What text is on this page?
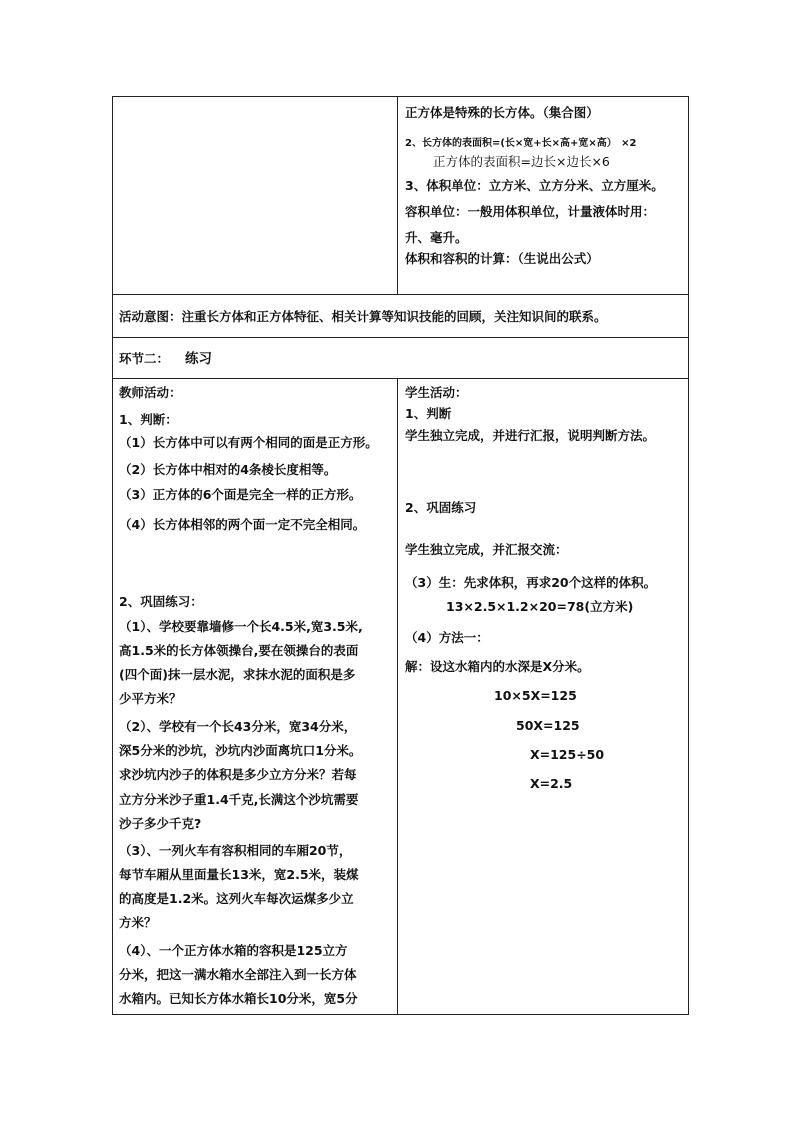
正方体是特殊的长方体。（集合图）
2、长方体的表面积=(长×宽+长×高+宽×高） ×2
正方体的表面积=边长×边长×6
3、体积单位：立方米、立方分米、立方厘米。
容积单位：一般用体积单位，计量液体时用：
升、毫升。
体积和容积的计算：（生说出公式）
活动意图：注重长方体和正方体特征、相关计算等知识技能的回顾，关注知识间的联系。
环节二： 练习
教师活动：
1、判断：
（1）长方体中可以有两个相同的面是正方形。
（2）长方体中相对的4条棱长度相等。
（3）正方体的6个面是完全一样的正方形。
（4）长方体相邻的两个面一定不完全相同。
2、巩固练习：
（1）、学校要靠墙修一个长4.5米,宽3.5米,
高1.5米的长方体领操台,要在领操台的表面
(四个面)抹一层水泥，求抹水泥的面积是多
少平方米？
（2）、学校有一个长43分米，宽34分米，
深5分米的沙坑，沙坑内沙面离坑口1分米。
求沙坑内沙子的体积是多少立方分米？若每
立方分米沙子重1.4千克,长满这个沙坑需要
沙子多少千克?
（3）、一列火车有容积相同的车厢20节，
每节车厢从里面量长13米，宽2.5米，装煤
的高度是1.2米。这列火车每次运煤多少立
方米？
（4）、一个正方体水箱的容积是125立方
分米，把这一满水箱水全部注入到一长方体
水箱内。已知长方体水箱长10分米，宽5分
学生活动：
1、判断
学生独立完成，并进行汇报，说明判断方法。
2、巩固练习
学生独立完成，并汇报交流：
（3）生：先求体积，再求20个这样的体积。
13×2.5×1.2×20=78(立方米)
（4）方法一：
解：设这水箱内的水深是X分米。
10×5X=125
50X=125
X=125÷50
X=2.5
